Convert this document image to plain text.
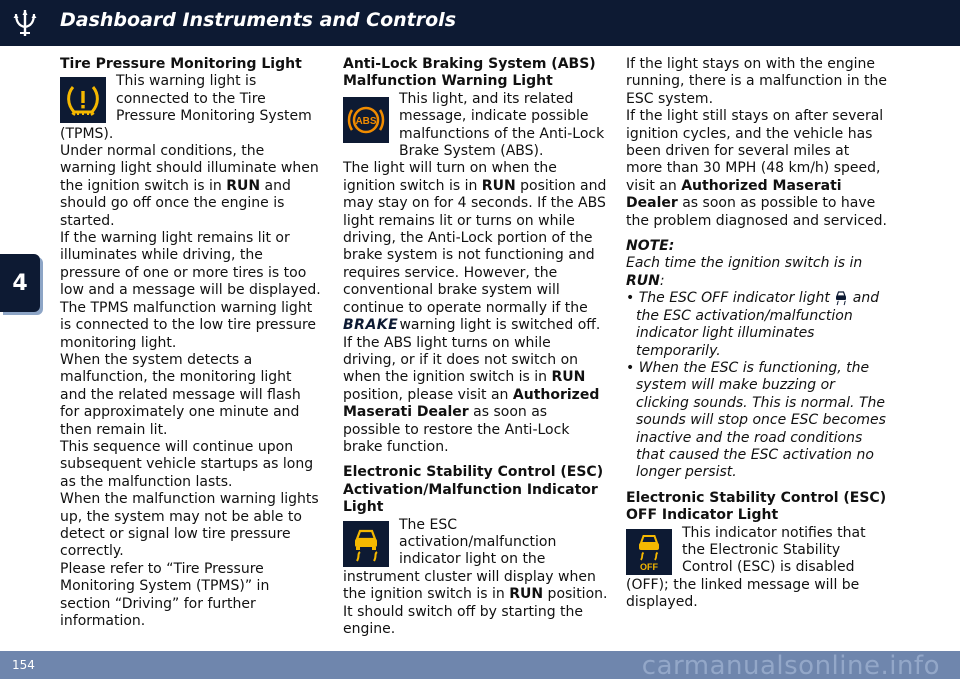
Dashboard Instruments and Controls
4

Tire Pressure Monitoring Light

This warning light is connected to the Tire Pressure Monitoring System (TPMS).

Under normal conditions, the warning light should illuminate when the ignition switch is in RUN and should go off once the engine is started.

If the warning light remains lit or illuminates while driving, the pressure of one or more tires is too low and a message will be displayed.

The TPMS malfunction warning light is connected to the low tire pressure monitoring light.

When the system detects a malfunction, the monitoring light and the related message will flash for approximately one minute and then remain lit.

This sequence will continue upon subsequent vehicle startups as long as the malfunction lasts.

When the malfunction warning lights up, the system may not be able to detect or signal low tire pressure correctly.

Please refer to “Tire Pressure Monitoring System (TPMS)” in section “Driving” for further information.

Anti-Lock Braking System (ABS) Malfunction Warning Light

ABS

This light, and its related message, indicate possible malfunctions of the Anti-Lock Brake System (ABS).

The light will turn on when the ignition switch is in RUN position and may stay on for 4 seconds. If the ABS light remains lit or turns on while driving, the Anti-Lock portion of the brake system is not functioning and requires service. However, the conventional brake system will continue to operate normally if the BRAKE warning light is switched off. If the ABS light turns on while driving, or if it does not switch on when the ignition switch is in RUN position, please visit an Authorized Maserati Dealer as soon as possible to restore the Anti-Lock brake function.

Electronic Stability Control (ESC) Activation/Malfunction Indicator Light

The ESC activation/malfunction indicator light on the instrument cluster will display when the ignition switch is in RUN position.

It should switch off by starting the engine.

If the light stays on with the engine running, there is a malfunction in the ESC system.

If the light still stays on after several ignition cycles, and the vehicle has been driven for several miles at more than 30 MPH (48 km/h) speed, visit an Authorized Maserati Dealer as soon as possible to have the problem diagnosed and serviced.

NOTE:

Each time the ignition switch is in RUN:

• The ESC OFF indicator light  and the ESC activation/malfunction indicator light illuminates temporarily.

• When the ESC is functioning, the system will make buzzing or clicking sounds. This is normal. The sounds will stop once ESC becomes inactive and the road conditions that caused the ESC activation no longer persist.

Electronic Stability Control (ESC) OFF Indicator Light

OFF

This indicator notifies that the Electronic Stability Control (ESC) is disabled (OFF); the linked message will be displayed.

154	carmanualsonline.info
